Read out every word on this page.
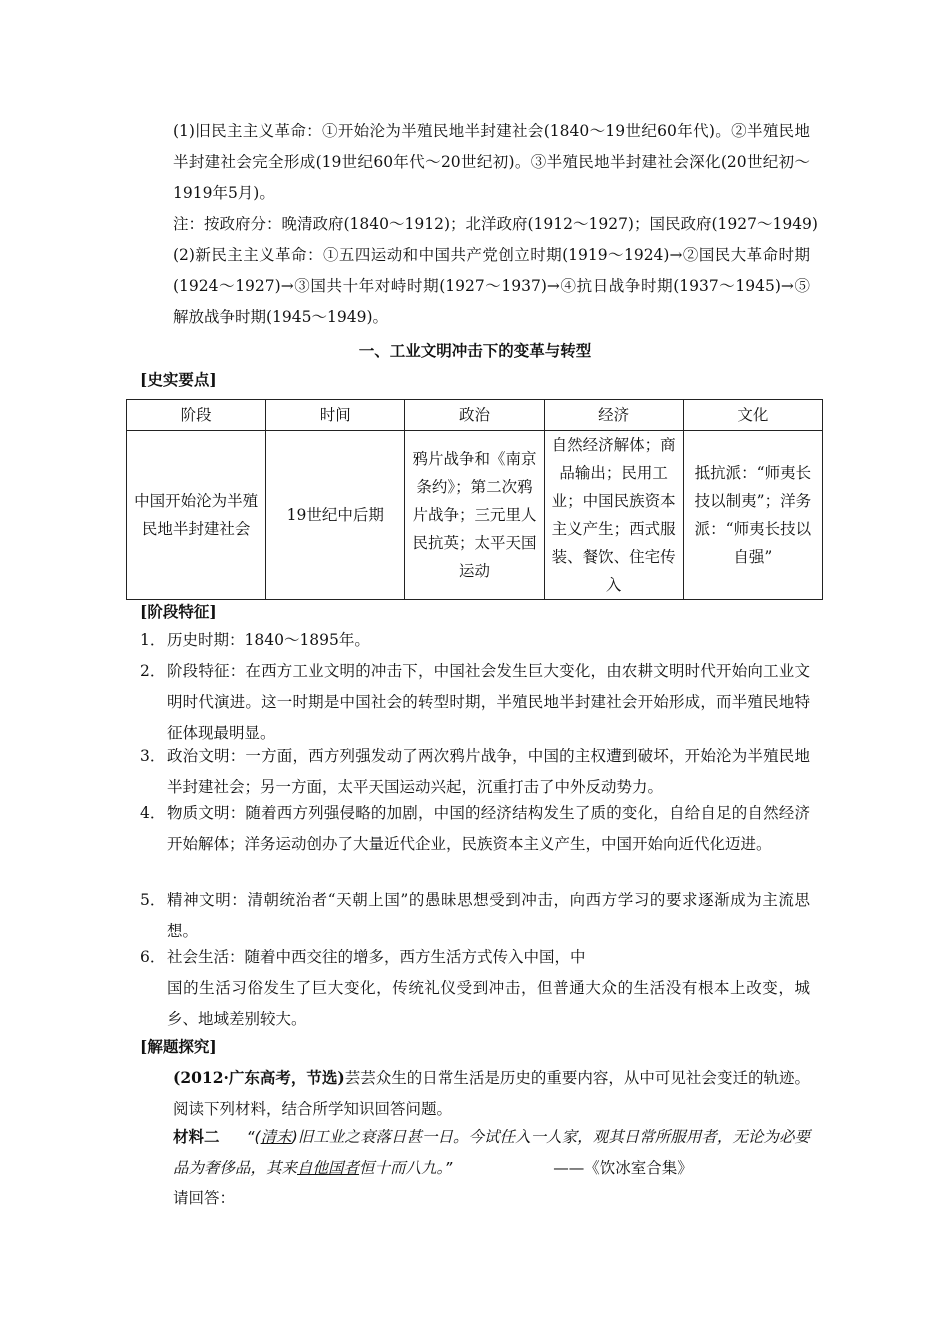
(1)旧民主主义革命：①开始沦为半殖民地半封建社会(1840～19世纪60年代)。②半殖民地半封建社会完全形成(19世纪60年代～20世纪初)。③半殖民地半封建社会深化(20世纪初～1919年5月)。
注：按政府分：晚清政府(1840～1912)；北洋政府(1912～1927)；国民政府(1927～1949)
(2)新民主主义革命：①五四运动和中国共产党创立时期(1919～1924)→②国民大革命时期(1924～1927)→③国共十年对峙时期(1927～1937)→④抗日战争时期(1937～1945)→⑤解放战争时期(1945～1949)。
一、工业文明冲击下的变革与转型
[史实要点]
阶段	时间	政治	经济	文化
中国开始沦为半殖民地半封建社会	19世纪中后期	鸦片战争和《南京条约》；第二次鸦片战争；三元里人民抗英；太平天国运动	自然经济解体；商品输出；民用工业；中国民族资本主义产生；西式服装、餐饮、住宅传入	抵抗派：“师夷长技以制夷”；洋务派：“师夷长技以自强”
[阶段特征]
1． 历史时期：1840～1895年。
2． 阶段特征：在西方工业文明的冲击下，中国社会发生巨大变化，由农耕文明时代开始向工业文明时代演进。这一时期是中国社会的转型时期，半殖民地半封建社会开始形成，而半殖民地特征体现最明显。
3． 政治文明：一方面，西方列强发动了两次鸦片战争，中国的主权遭到破坏，开始沦为半殖民地半封建社会；另一方面，太平天国运动兴起，沉重打击了中外反动势力。
4． 物质文明：随着西方列强侵略的加剧，中国的经济结构发生了质的变化，自给自足的自然经济开始解体；洋务运动创办了大量近代企业，民族资本主义产生，中国开始向近代化迈进。
5． 精神文明：清朝统治者“天朝上国”的愚昧思想受到冲击，向西方学习的要求逐渐成为主流思想。
6． 社会生活：随着中西交往的增多，西方生活方式传入中国，中
国的生活习俗发生了巨大变化，传统礼仪受到冲击，但普通大众的生活没有根本上改变，城乡、地域差别较大。
[解题探究]
(2012·广东高考，节选)芸芸众生的日常生活是历史的重要内容，从中可见社会变迁的轨迹。阅读下列材料，结合所学知识回答问题。
材料二 “(清末)旧工业之衰落日甚一日。今试任入一人家，观其日常所服用者，无论为必要品为奢侈品，其来自他国者恒十而八九。”	——《饮冰室合集》
请回答：
